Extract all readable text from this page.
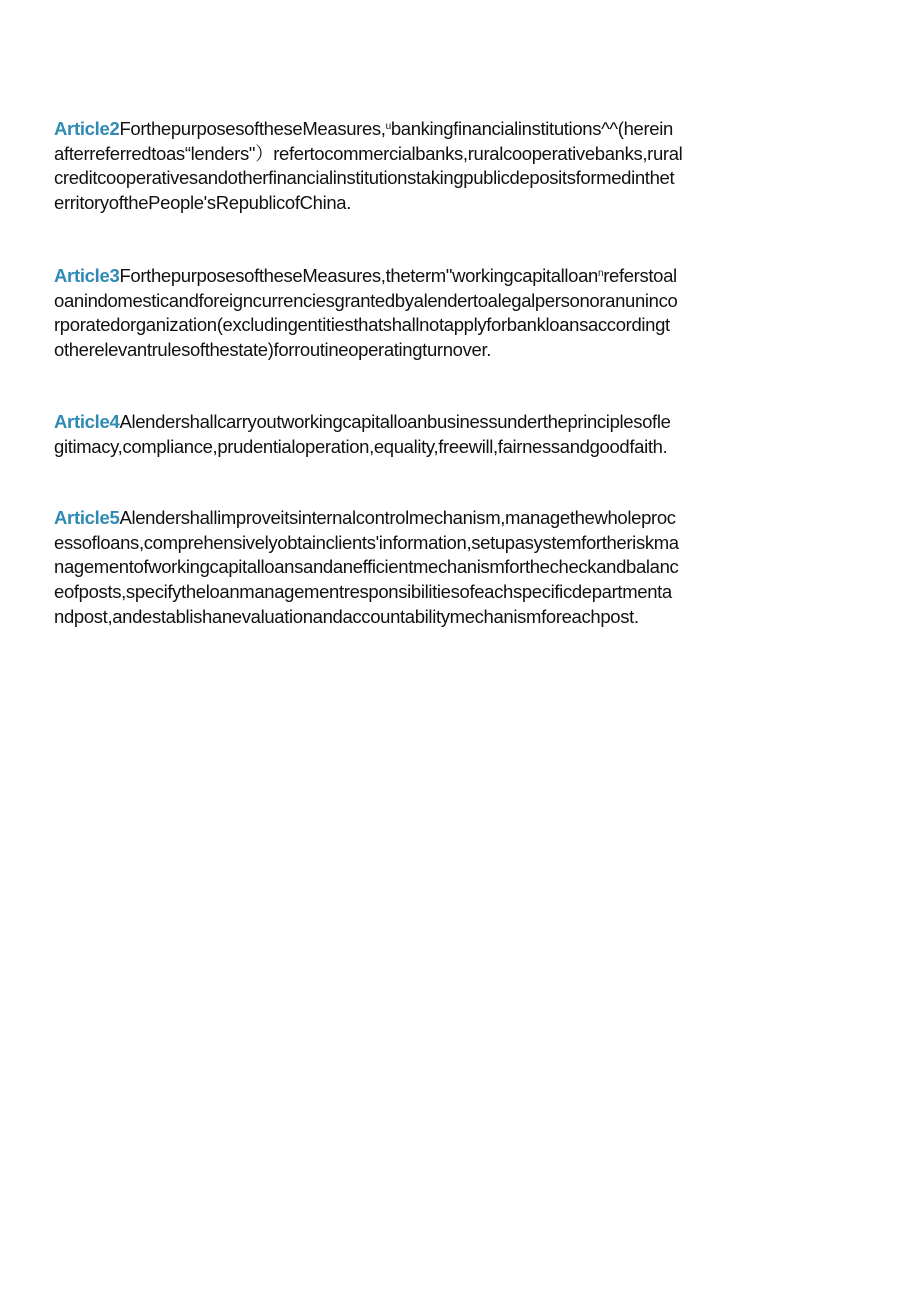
Article2ForthepurposesoftheseMeasures,$^u$bankingfinancialinstitutions^^(herein
afterreferredtoas“lenders"）refertocommercialbanks,ruralcooperativebanks,rural
creditcooperativesandotherfinancialinstitutionstakingpublicdepositsformedinthet
erritoryofthePeople'sRepublicofChina.
Article3ForthepurposesoftheseMeasures,theterm"workingcapitalloan$^n$referstoal
oanindomesticandforeigncurrenciesgrantedbyalendertoalegalpersonoranuninco
rporatedorganization(excludingentitiesthatshallnotapplyforbankloansaccordingt
otherelevantrulesofthestate)forroutineoperatingturnover.
Article4Alendershallcarryoutworkingcapitalloanbusinessundertheprinciplesofle
gitimacy,compliance,prudentialoperation,equality,freewill,fairnessandgoodfaith.
Article5Alendershallimproveitsinternalcontrolmechanism,managethewholeproc
essofloans,comprehensivelyobtainclients'information,setupasystemfortheriskma
nagementofworkingcapitalloansandanefficientmechanismforthecheckandbalanc
eofposts,specifytheloanmanagementresponsibilitiesofeachspecificdepartmenta
ndpost,andestablishanevaluationandaccountabilitymechanismforeachpost.
